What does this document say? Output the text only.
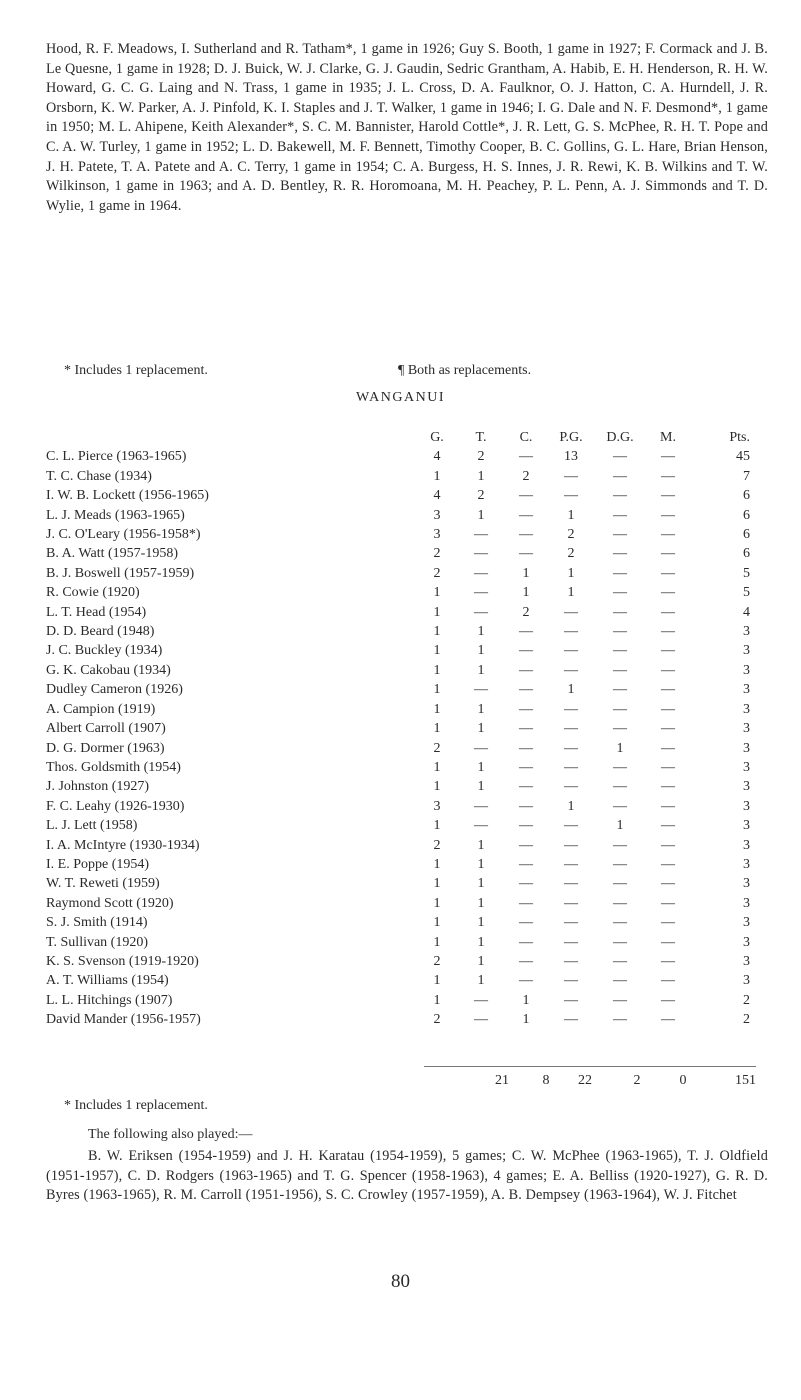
Hood, R. F. Meadows, I. Sutherland and R. Tatham*, 1 game in 1926; Guy S. Booth, 1 game in 1927; F. Cormack and J. B. Le Quesne, 1 game in 1928; D. J. Buick, W. J. Clarke, G. J. Gaudin, Sedric Grantham, A. Habib, E. H. Henderson, R. H. W. Howard, G. C. G. Laing and N. Trass, 1 game in 1935; J. L. Cross, D. A. Faulknor, O. J. Hatton, C. A. Hurndell, J. R. Orsborn, K. W. Parker, A. J. Pinfold, K. I. Staples and J. T. Walker, 1 game in 1946; I. G. Dale and N. F. Desmond*, 1 game in 1950; M. L. Ahipene, Keith Alexander*, S. C. M. Bannister, Harold Cottle*, J. R. Lett, G. S. McPhee, R. H. T. Pope and C. A. W. Turley, 1 game in 1952; L. D. Bakewell, M. F. Bennett, Timothy Cooper, B. C. Gollins, G. L. Hare, Brian Henson, J. H. Patete, T. A. Patete and A. C. Terry, 1 game in 1954; C. A. Burgess, H. S. Innes, J. R. Rewi, K. B. Wilkins and T. W. Wilkinson, 1 game in 1963; and A. D. Bentley, R. R. Horomoana, M. H. Peachey, P. L. Penn, A. J. Simmonds and T. D. Wylie, 1 game in 1964.

* Includes 1 replacement.	¶ Both as replacements.
WANGANUI
	G.	T.	C.	P.G.	D.G.	M.	Pts.
C. L. Pierce (1963-1965)	4	2	—	13	—	—	45
T. C. Chase (1934)	1	1	2	—	—	—	7
I. W. B. Lockett (1956-1965)	4	2	—	—	—	—	6
L. J. Meads (1963-1965)	3	1	—	1	—	—	6
J. C. O'Leary (1956-1958*)	3	—	—	2	—	—	6
B. A. Watt (1957-1958)	2	—	—	2	—	—	6
B. J. Boswell (1957-1959)	2	—	1	1	—	—	5
R. Cowie (1920)	1	—	1	1	—	—	5
L. T. Head (1954)	1	—	2	—	—	—	4
D. D. Beard (1948)	1	1	—	—	—	—	3
J. C. Buckley (1934)	1	1	—	—	—	—	3
G. K. Cakobau (1934)	1	1	—	—	—	—	3
Dudley Cameron (1926)	1	—	—	1	—	—	3
A. Campion (1919)	1	1	—	—	—	—	3
Albert Carroll (1907)	1	1	—	—	—	—	3
D. G. Dormer (1963)	2	—	—	—	1	—	3
Thos. Goldsmith (1954)	1	1	—	—	—	—	3
J. Johnston (1927)	1	1	—	—	—	—	3
F. C. Leahy (1926-1930)	3	—	—	1	—	—	3
L. J. Lett (1958)	1	—	—	—	1	—	3
I. A. McIntyre (1930-1934)	2	1	—	—	—	—	3
I. E. Poppe (1954)	1	1	—	—	—	—	3
W. T. Reweti (1959)	1	1	—	—	—	—	3
Raymond Scott (1920)	1	1	—	—	—	—	3
S. J. Smith (1914)	1	1	—	—	—	—	3
T. Sullivan (1920)	1	1	—	—	—	—	3
K. S. Svenson (1919-1920)	2	1	—	—	—	—	3
A. T. Williams (1954)	1	1	—	—	—	—	3
L. L. Hitchings (1907)	1	—	1	—	—	—	2
David Mander (1956-1957)	2	—	1	—	—	—	2
21	8	22	2	0	151
* Includes 1 replacement.
The following also played:—

B. W. Eriksen (1954-1959) and J. H. Karatau (1954-1959), 5 games; C. W. McPhee (1963-1965), T. J. Oldfield (1951-1957), C. D. Rodgers (1963-1965) and T. G. Spencer (1958-1963), 4 games; E. A. Belliss (1920-1927), G. R. D. Byres (1963-1965), R. M. Carroll (1951-1956), S. C. Crowley (1957-1959), A. B. Dempsey (1963-1964), W. J. Fitchet

80
